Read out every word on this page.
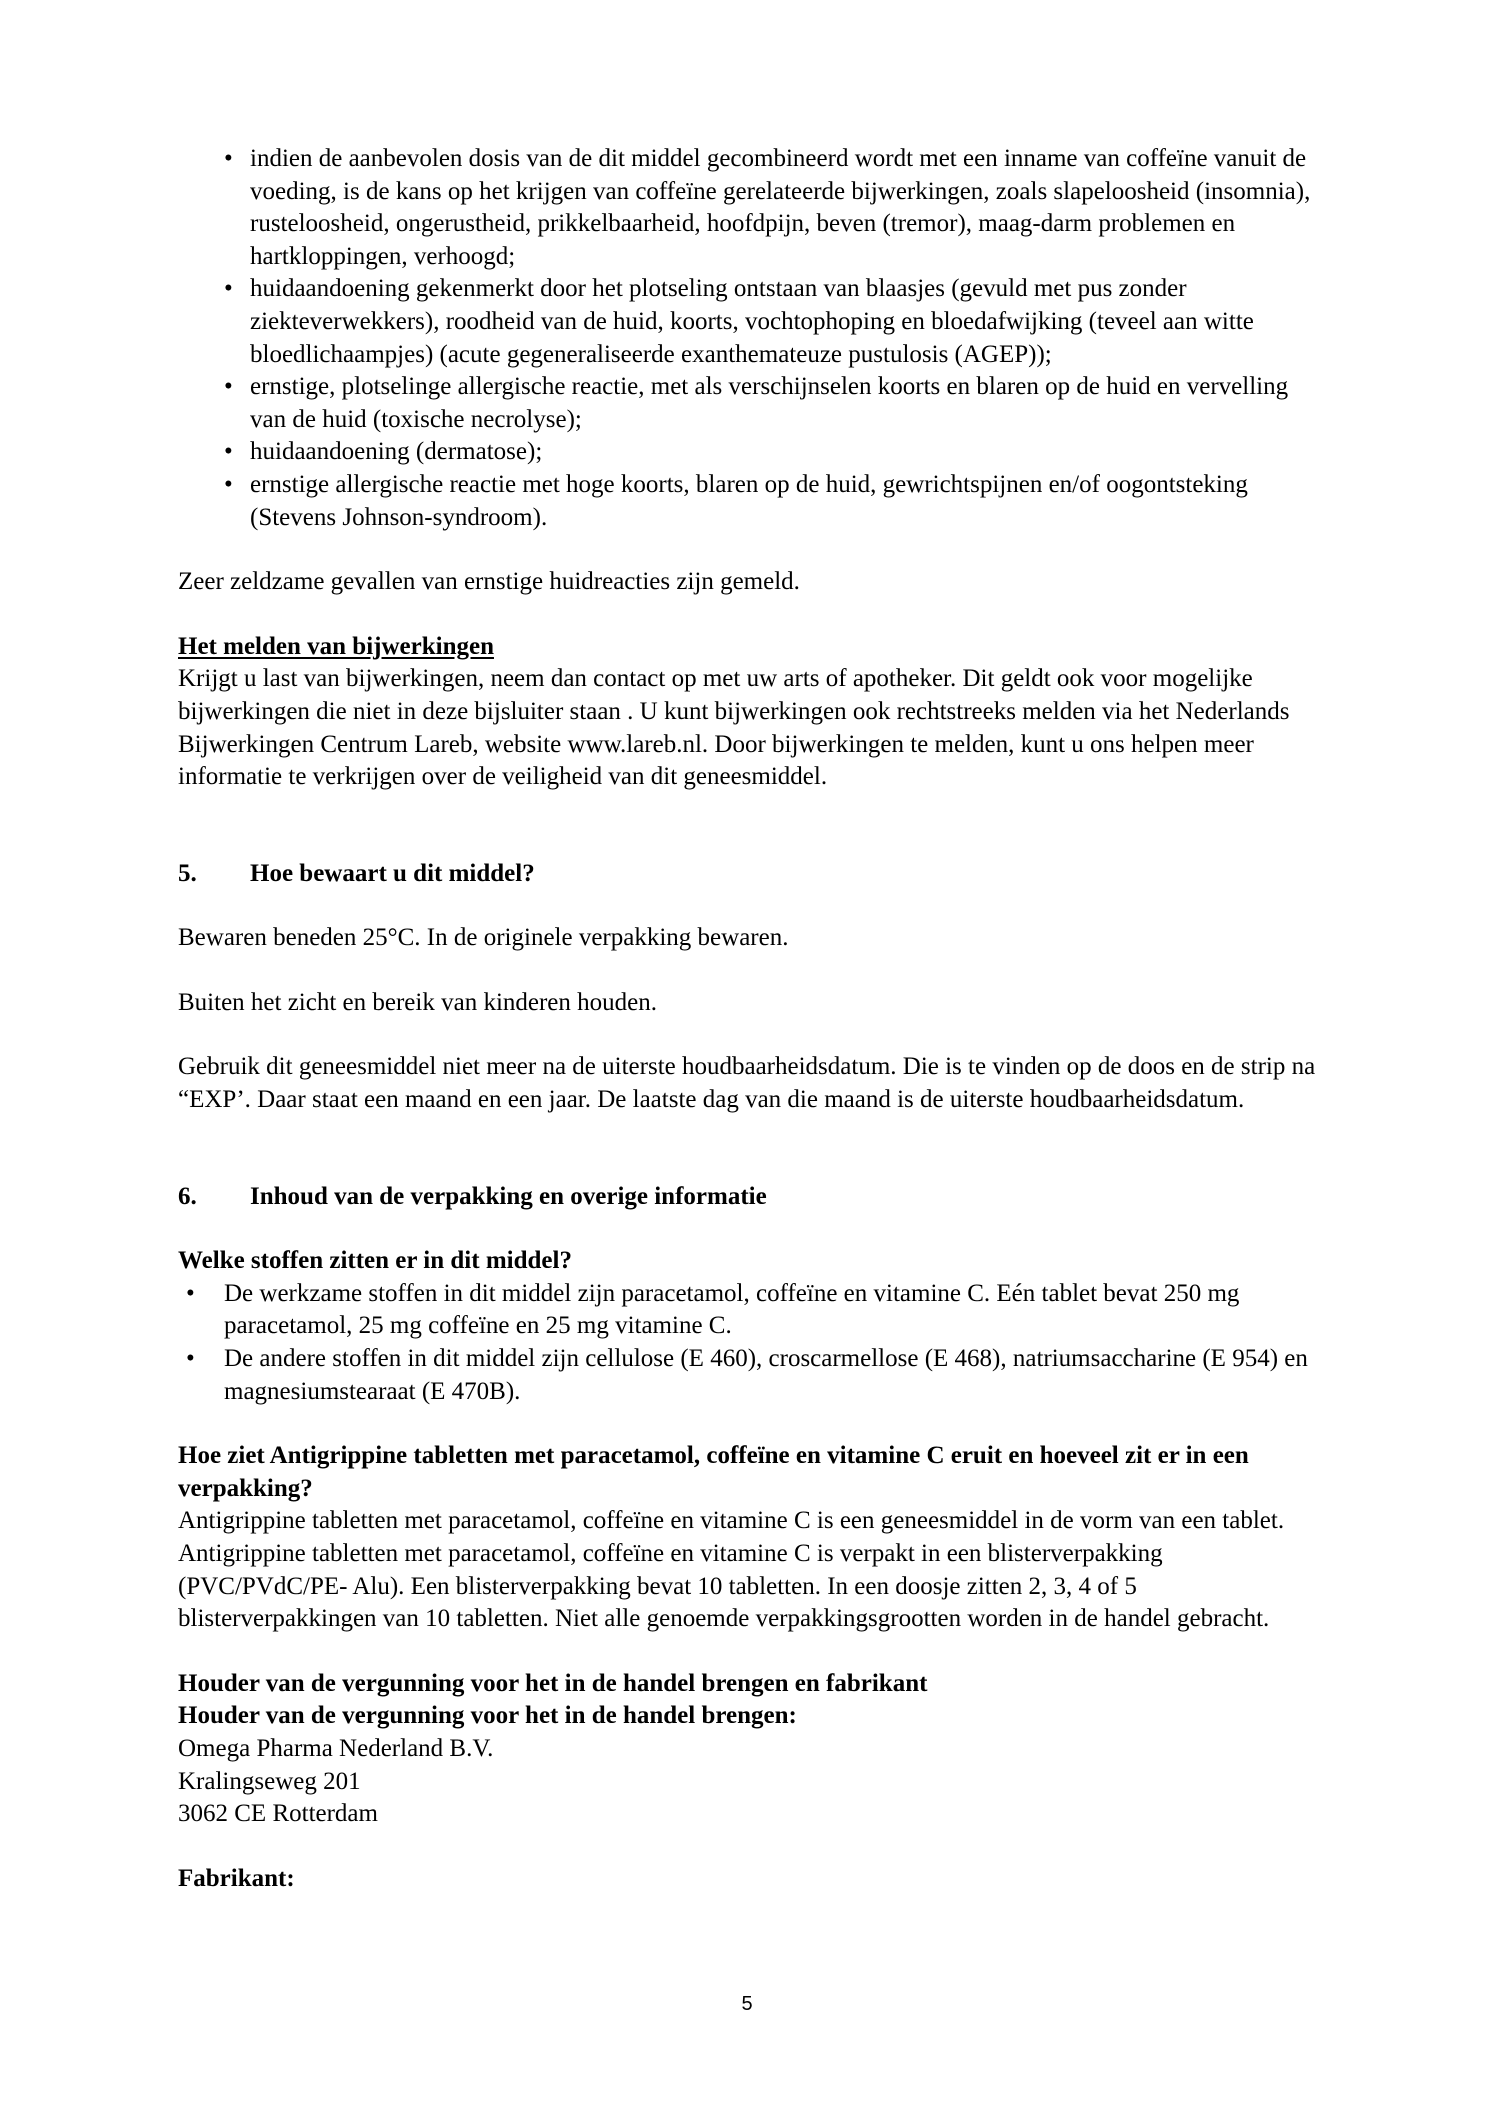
• indien de aanbevolen dosis van de dit middel gecombineerd wordt met een inname van coffeïne vanuit de voeding, is de kans op het krijgen van coffeïne gerelateerde bijwerkingen, zoals slapeloosheid (insomnia), rusteloosheid, ongerustheid, prikkelbaarheid, hoofdpijn, beven (tremor), maag-darm problemen en hartkloppingen, verhoogd;
• huidaandoening gekenmerkt door het plotseling ontstaan van blaasjes (gevuld met pus zonder ziekteverwekkers), roodheid van de huid, koorts, vochtophoping en bloedafwijking (teveel aan witte bloedlichaampjes) (acute gegeneraliseerde exanthemateuze pustulosis (AGEP));
• ernstige, plotselinge allergische reactie, met als verschijnselen koorts en blaren op de huid en vervelling van de huid (toxische necrolyse);
• huidaandoening (dermatose);
• ernstige allergische reactie met hoge koorts, blaren op de huid, gewrichtspijnen en/of oogontsteking (Stevens Johnson-syndroom).

Zeer zeldzame gevallen van ernstige huidreacties zijn gemeld.

Het melden van bijwerkingen

Krijgt u last van bijwerkingen, neem dan contact op met uw arts of apotheker. Dit geldt ook voor mogelijke bijwerkingen die niet in deze bijsluiter staan . U kunt bijwerkingen ook rechtstreeks melden via het Nederlands Bijwerkingen Centrum Lareb, website www.lareb.nl. Door bijwerkingen te melden, kunt u ons helpen meer informatie te verkrijgen over de veiligheid van dit geneesmiddel.

5.	Hoe bewaart u dit middel?

Bewaren beneden 25°C. In de originele verpakking bewaren.

Buiten het zicht en bereik van kinderen houden.

Gebruik dit geneesmiddel niet meer na de uiterste houdbaarheidsdatum. Die is te vinden op de doos en de strip na “EXP’. Daar staat een maand en een jaar. De laatste dag van die maand is de uiterste houdbaarheidsdatum.

6.	Inhoud van de verpakking en overige informatie

Welke stoffen zitten er in dit middel?

• De werkzame stoffen in dit middel zijn paracetamol, coffeïne en vitamine C. Eén tablet bevat 250 mg paracetamol, 25 mg coffeïne en 25 mg vitamine C.
• De andere stoffen in dit middel zijn cellulose (E 460), croscarmellose (E 468), natriumsaccharine (E 954) en magnesiumstearaat (E 470B).

Hoe ziet Antigrippine tabletten met paracetamol, coffeïne en vitamine C eruit en hoeveel zit er in een verpakking?

Antigrippine tabletten met paracetamol, coffeïne en vitamine C is een geneesmiddel in de vorm van een tablet.

Antigrippine tabletten met paracetamol, coffeïne en vitamine C is verpakt in een blisterverpakking (PVC/PVdC/PE- Alu). Een blisterverpakking bevat 10 tabletten. In een doosje zitten 2, 3, 4 of 5 blisterverpakkingen van 10 tabletten. Niet alle genoemde verpakkingsgrootten worden in de handel gebracht.

Houder van de vergunning voor het in de handel brengen en fabrikant

Houder van de vergunning voor het in de handel brengen:

Omega Pharma Nederland B.V.

Kralingseweg 201

3062 CE Rotterdam

Fabrikant:

5
